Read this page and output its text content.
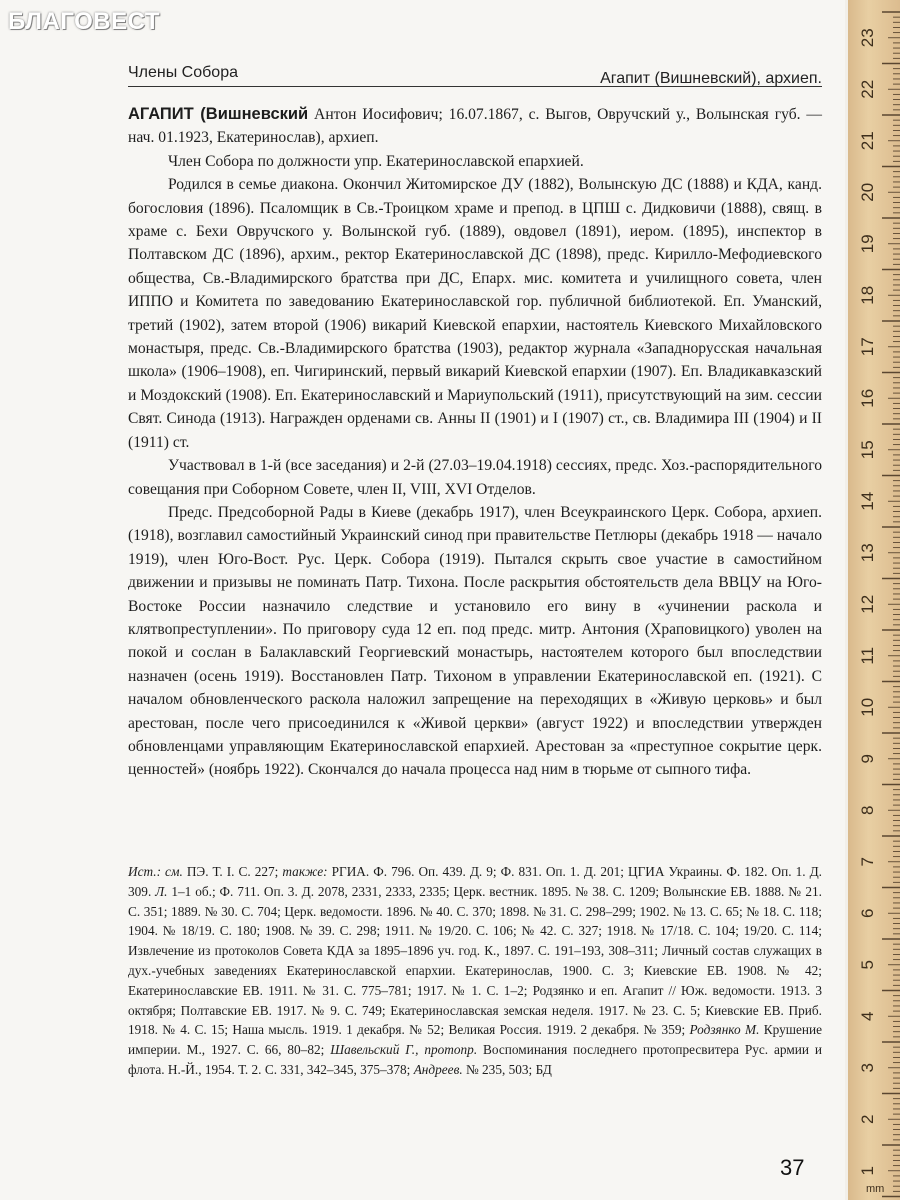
БЛАГОВЕСТ
Члены Собора	Агапит (Вишневский), архиеп.

АГАПИТ (Вишневский Антон Иосифович; 16.07.1867, с. Выгов, Овручский у., Волынская губ. — нач. 01.1923, Екатеринослав), архиеп.

Член Собора по должности упр. Екатеринославской епархией.

Родился в семье диакона. Окончил Житомирское ДУ (1882), Волынскую ДС (1888) и КДА, канд. богословия (1896). Псаломщик в Св.-Троицком храме и препод. в ЦПШ с. Дидковичи (1888), свящ. в храме с. Бехи Овручского у. Волынской губ. (1889), овдовел (1891), иером. (1895), инспектор в Полтавском ДС (1896), архим., ректор Екатеринославской ДС (1898), предс. Кирилло-Мефодиевского общества, Св.-Владимирского братства при ДС, Епарх. мис. комитета и училищного совета, член ИППО и Комитета по заведованию Екатеринославской гор. публичной библиотекой. Еп. Уманский, третий (1902), затем второй (1906) викарий Киевской епархии, настоятель Киевского Михайловского монастыря, предс. Св.-Владимирского братства (1903), редактор журнала «Западнорусская начальная школа» (1906–1908), еп. Чигиринский, первый викарий Киевской епархии (1907). Еп. Владикавказский и Моздокский (1908). Еп. Екатеринославский и Мариупольский (1911), присутствующий на зим. сессии Свят. Синода (1913). Награжден орденами св. Анны II (1901) и I (1907) ст., св. Владимира III (1904) и II (1911) ст.

Участвовал в 1-й (все заседания) и 2-й (27.03–19.04.1918) сессиях, предс. Хоз.-распорядительного совещания при Соборном Совете, член II, VIII, XVI Отделов.

Предс. Предсоборной Рады в Киеве (декабрь 1917), член Всеукраинского Церк. Собора, архиеп. (1918), возглавил самостийный Украинский синод при правительстве Петлюры (декабрь 1918 — начало 1919), член Юго-Вост. Рус. Церк. Собора (1919). Пытался скрыть свое участие в самостийном движении и призывы не поминать Патр. Тихона. После раскрытия обстоятельств дела ВВЦУ на Юго-Востоке России назначило следствие и установило его вину в «учинении раскола и клятвопреступлении». По приговору суда 12 еп. под предс. митр. Антония (Храповицкого) уволен на покой и сослан в Балаклавский Георгиевский монастырь, настоятелем которого был впоследствии назначен (осень 1919). Восстановлен Патр. Тихоном в управлении Екатеринославской еп. (1921). С началом обновленческого раскола наложил запрещение на переходящих в «Живую церковь» и был арестован, после чего присоединился к «Живой церкви» (август 1922) и впоследствии утвержден обновленцами управляющим Екатеринославской епархией. Арестован за «преступное сокрытие церк. ценностей» (ноябрь 1922). Скончался до начала процесса над ним в тюрьме от сыпного тифа.

Ист.: см. ПЭ. Т. I. С. 227; также: РГИА. Ф. 796. Оп. 439. Д. 9; Ф. 831. Оп. 1. Д. 201; ЦГИА Украины. Ф. 182. Оп. 1. Д. 309. Л. 1–1 об.; Ф. 711. Оп. 3. Д. 2078, 2331, 2333, 2335; Церк. вестник. 1895. № 38. С. 1209; Волынские ЕВ. 1888. № 21. С. 351; 1889. № 30. С. 704; Церк. ведомости. 1896. № 40. С. 370; 1898. № 31. С. 298–299; 1902. № 13. С. 65; № 18. С. 118; 1904. № 18/19. С. 180; 1908. № 39. С. 298; 1911. № 19/20. С. 106; № 42. С. 327; 1918. № 17/18. С. 104; 19/20. С. 114; Извлечение из протоколов Совета КДА за 1895–1896 уч. год. К., 1897. С. 191–193, 308–311; Личный состав служащих в дух.-учебных заведениях Екатеринославской епархии. Екатеринослав, 1900. С. 3; Киевские ЕВ. 1908. № 42; Екатеринославские ЕВ. 1911. № 31. С. 775–781; 1917. № 1. С. 1–2; Родзянко и еп. Агапит // Юж. ведомости. 1913. 3 октября; Полтавские ЕВ. 1917. № 9. С. 749; Екатеринославская земская неделя. 1917. № 23. С. 5; Киевские ЕВ. Приб. 1918. № 4. С. 15; Наша мысль. 1919. 1 декабря. № 52; Великая Россия. 1919. 2 декабря. № 359; Родзянко М. Крушение империи. М., 1927. С. 66, 80–82; Шавельский Г., протопр. Воспоминания последнего протопресвитера Рус. армии и флота. Н.-Й., 1954. Т. 2. С. 331, 342–345, 375–378; Андреев. № 235, 503; БД
37
23
22
21
20
19
18
17
16
15
14
13
12
11
10
9
8
7
6
5
4
3
2
1
mm
